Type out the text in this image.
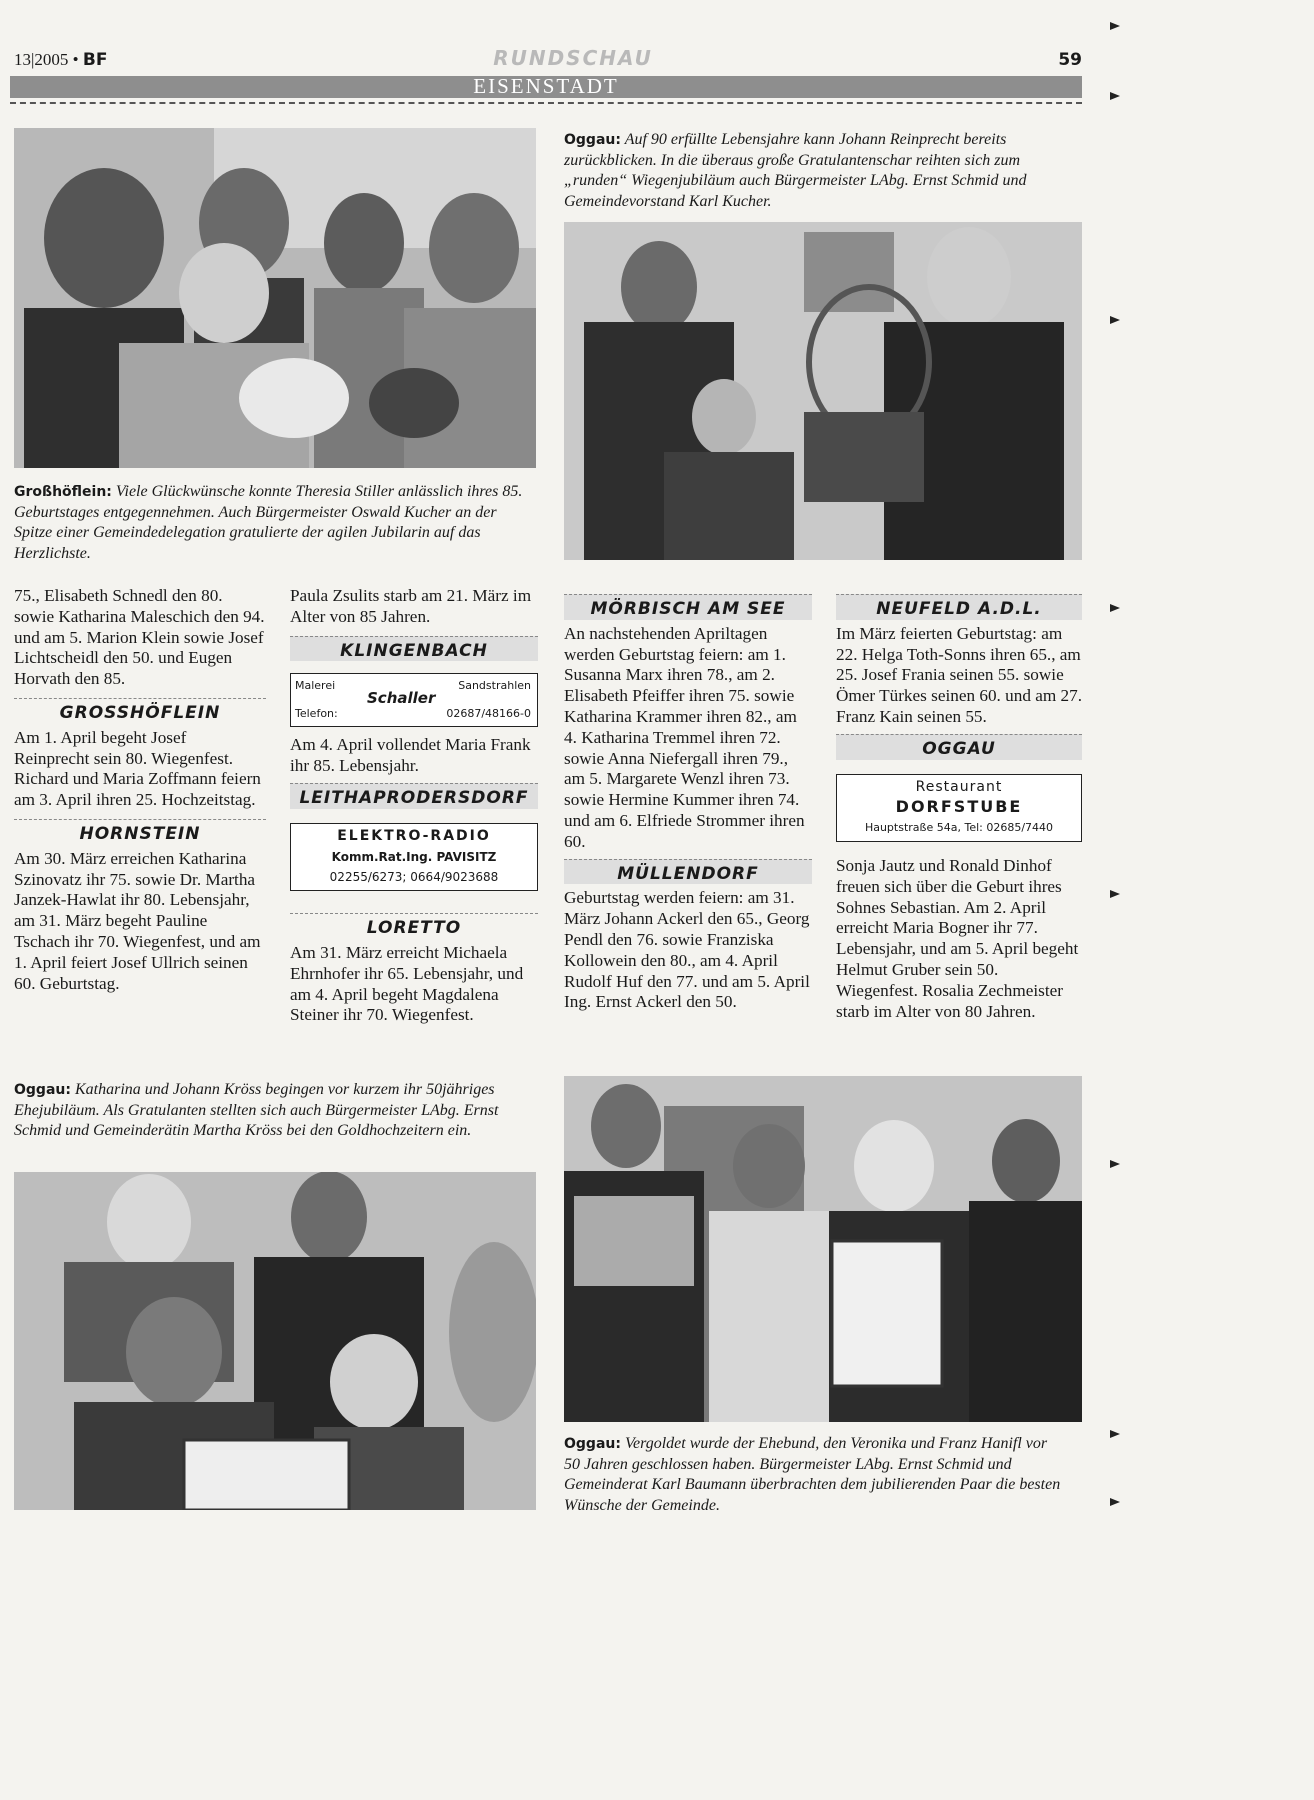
13|2005 • BF	RUNDSCHAU	59
EISENSTADT
Großhöflein: Viele Glückwünsche konnte Theresia Stiller anlässlich ihres 85. Geburtstages entgegennehmen. Auch Bürgermeister Oswald Kucher an der Spitze einer Gemeindedelegation gratulierte der agilen Jubilarin auf das Herzlichste.
Oggau: Auf 90 erfüllte Lebensjahre kann Johann Reinprecht bereits zurückblicken. In die überaus große Gratulantenschar reihten sich zum „runden“ Wiegenjubiläum auch Bürgermeister LAbg. Ernst Schmid und Gemeindevorstand Karl Kucher.

75., Elisabeth Schnedl den 80. sowie Katharina Maleschich den 94. und am 5. Marion Klein sowie Josef Lichtscheidl den 50. und Eugen Horvath den 85.

GROSSHÖFLEIN

Am 1. April begeht Josef Reinprecht sein 80. Wiegenfest. Richard und Maria Zoffmann feiern am 3. April ihren 25. Hochzeitstag.

HORNSTEIN

Am 30. März erreichen Katharina Szinovatz ihr 75. sowie Dr. Martha Janzek-Hawlat ihr 80. Lebensjahr, am 31. März begeht Pauline Tschach ihr 70. Wiegenfest, und am 1. April feiert Josef Ullrich seinen 60. Geburtstag.

Paula Zsulits starb am 21. März im Alter von 85 Jahren.

KLINGENBACH
Malerei	Sandstrahlen
Schaller
Telefon:	02687/48166-0

Am 4. April vollendet Maria Frank ihr 85. Lebensjahr.

LEITHAPRODERSDORF
ELEKTRO-RADIO
Komm.Rat.Ing. PAVISITZ
02255/6273; 0664/9023688
LORETTO

Am 31. März erreicht Michaela Ehrnhofer ihr 65. Lebensjahr, und am 4. April begeht Magdalena Steiner ihr 70. Wiegenfest.

MÖRBISCH AM SEE

An nachstehenden Apriltagen werden Geburtstag feiern: am 1. Susanna Marx ihren 78., am 2. Elisabeth Pfeiffer ihren 75. sowie Katharina Krammer ihren 82., am 4. Katharina Tremmel ihren 72. sowie Anna Niefergall ihren 79., am 5. Margarete Wenzl ihren 73. sowie Hermine Kummer ihren 74. und am 6. Elfriede Strommer ihren 60.

MÜLLENDORF

Geburtstag werden feiern: am 31. März Johann Ackerl den 65., Georg Pendl den 76. sowie Franziska Kollowein den 80., am 4. April Rudolf Huf den 77. und am 5. April Ing. Ernst Ackerl den 50.

NEUFELD A.D.L.

Im März feierten Geburtstag: am 22. Helga Toth-Sonns ihren 65., am 25. Josef Frania seinen 55. sowie Ömer Türkes seinen 60. und am 27. Franz Kain seinen 55.

OGGAU
Restaurant
DORFSTUBE
Hauptstraße 54a, Tel: 02685/7440

Sonja Jautz und Ronald Dinhof freuen sich über die Geburt ihres Sohnes Sebastian. Am 2. April erreicht Maria Bogner ihr 77. Lebensjahr, und am 5. April begeht Helmut Gruber sein 50. Wiegenfest. Rosalia Zechmeister starb im Alter von 80 Jahren.

Oggau: Katharina und Johann Kröss begingen vor kurzem ihr 50jähriges Ehejubiläum. Als Gratulanten stellten sich auch Bürgermeister LAbg. Ernst Schmid und Gemeinderätin Martha Kröss bei den Goldhochzeitern ein.
Oggau: Vergoldet wurde der Ehebund, den Veronika und Franz Hanifl vor 50 Jahren geschlossen haben. Bürgermeister LAbg. Ernst Schmid und Gemeinderat Karl Baumann überbrachten dem jubilierenden Paar die besten Wünsche der Gemeinde.
